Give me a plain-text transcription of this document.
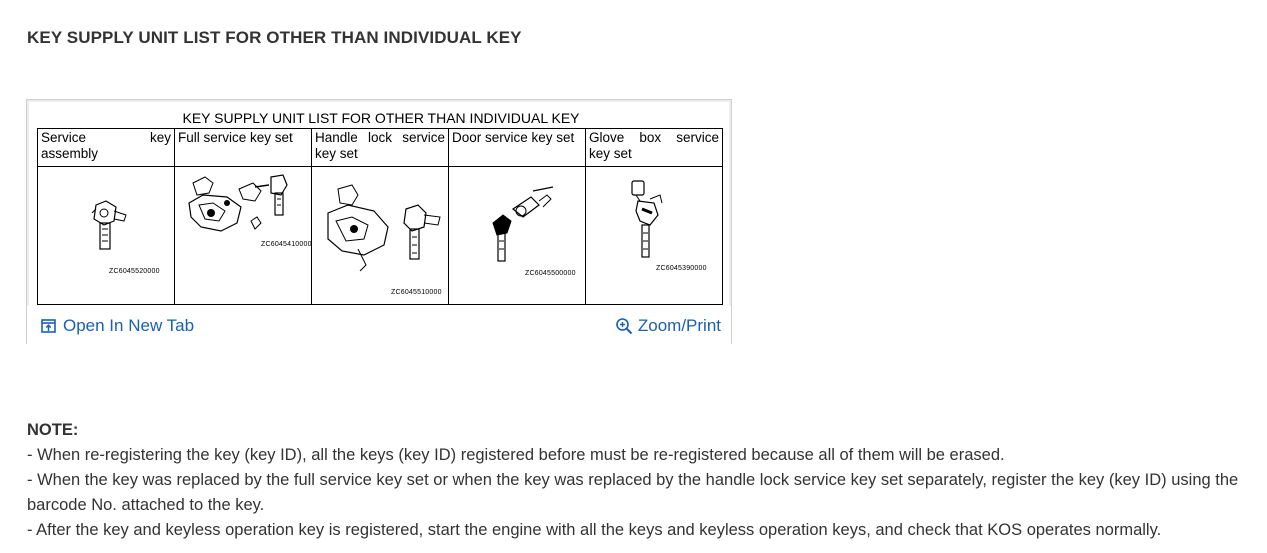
KEY SUPPLY UNIT LIST FOR OTHER THAN INDIVIDUAL KEY
KEY SUPPLY UNIT LIST FOR OTHER THAN INDIVIDUAL KEY
Service key assembly	Full service key set	Handle lock service key set	Door service key set	Glove box service key set

ZC6045520000	ZC6045410000	ZC6045510000	ZC6045500000	ZC6045390000
Open In New Tab	Zoom/Print
NOTE:
- When re-registering the key (key ID), all the keys (key ID) registered before must be re-registered because all of them will be erased.
- When the key was replaced by the full service key set or when the key was replaced by the handle lock service key set separately, register the key (key ID) using the barcode No. attached to the key.
- After the key and keyless operation key is registered, start the engine with all the keys and keyless operation keys, and check that KOS operates normally.
